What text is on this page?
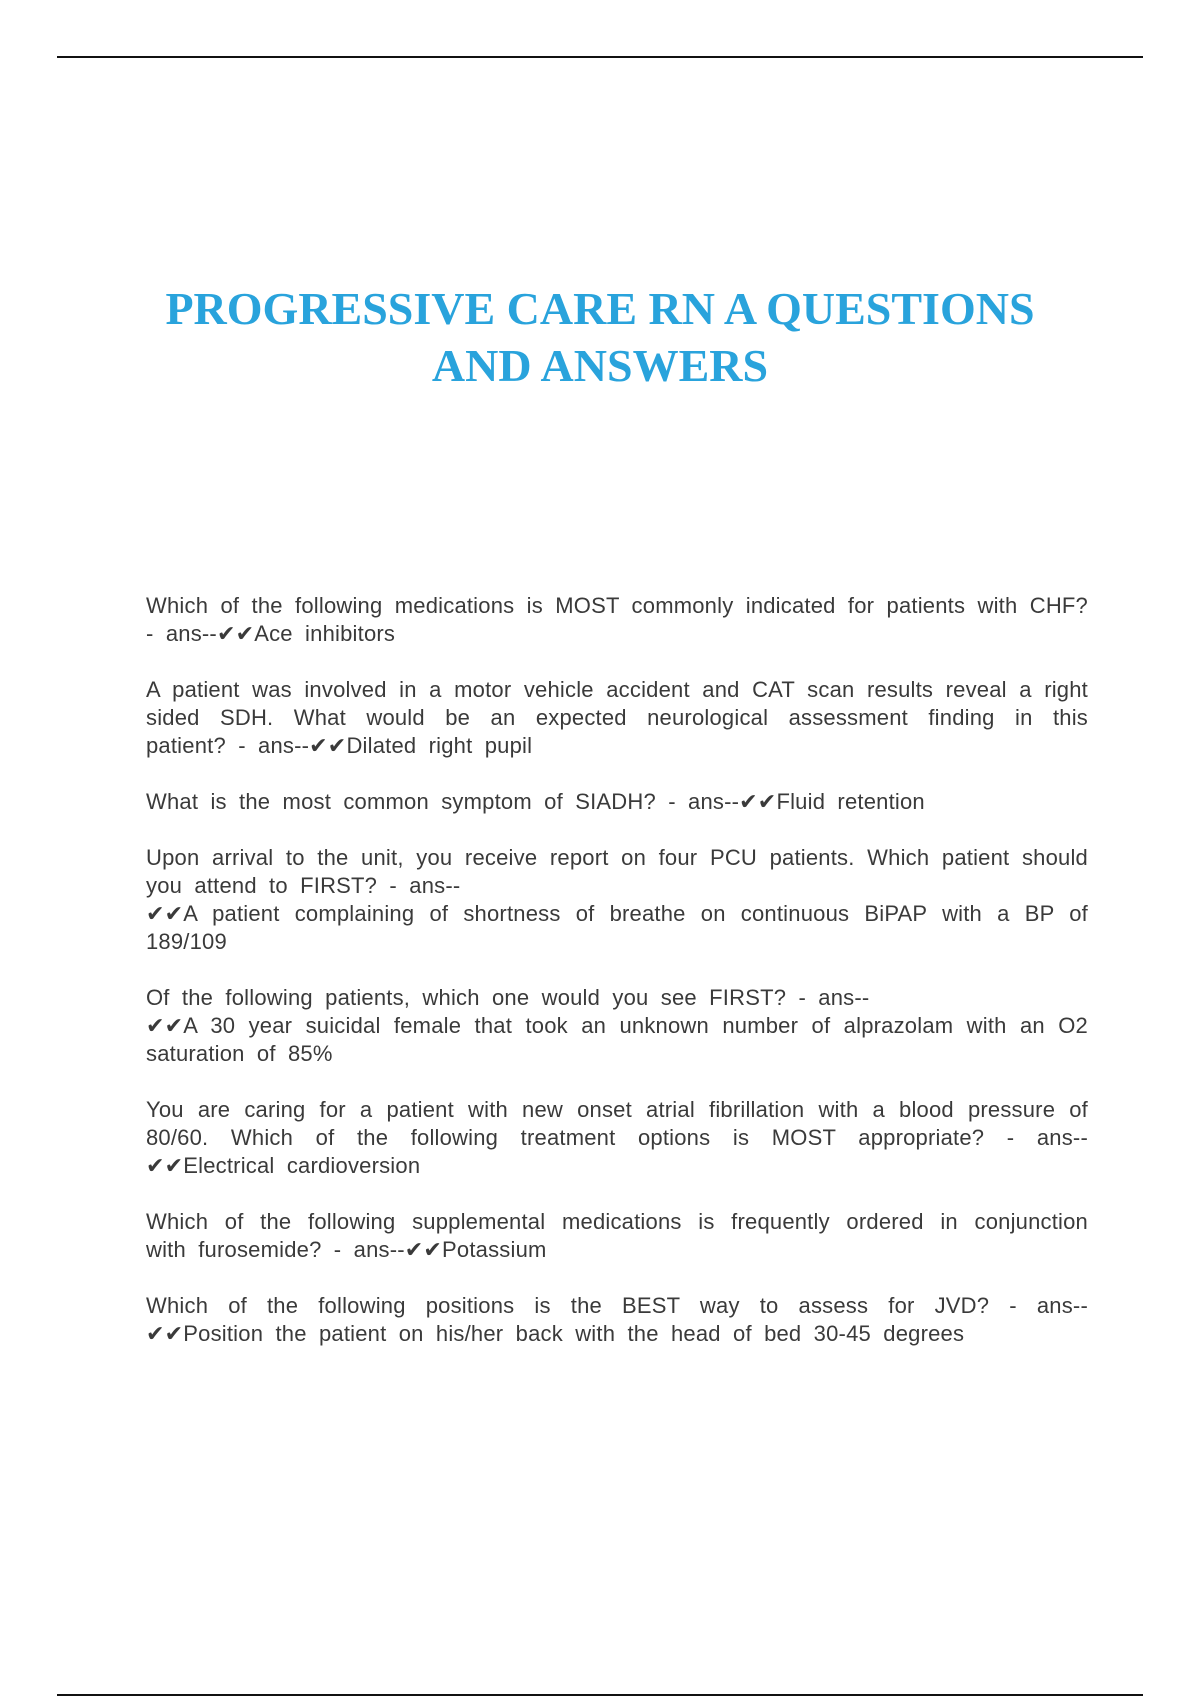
PROGRESSIVE CARE RN A QUESTIONS
AND ANSWERS
Which of the following medications is MOST commonly indicated for patients with CHF? - ans--✔✔Ace inhibitors
A patient was involved in a motor vehicle accident and CAT scan results reveal a right sided SDH. What would be an expected neurological assessment finding in this patient? - ans--✔✔Dilated right pupil
What is the most common symptom of SIADH? - ans--✔✔Fluid retention
Upon arrival to the unit, you receive report on four PCU patients. Which patient should you attend to FIRST? - ans--
✔✔A patient complaining of shortness of breathe on continuous BiPAP with a BP of 189/109
Of the following patients, which one would you see FIRST? - ans--
✔✔A 30 year suicidal female that took an unknown number of alprazolam with an O2 saturation of 85%
You are caring for a patient with new onset atrial fibrillation with a blood pressure of 80/60. Which of the following treatment options is MOST appropriate? - ans--✔✔Electrical cardioversion
Which of the following supplemental medications is frequently ordered in conjunction with furosemide? - ans--✔✔Potassium
Which of the following positions is the BEST way to assess for JVD? - ans--✔✔Position the patient on his/her back with the head of bed 30-45 degrees
